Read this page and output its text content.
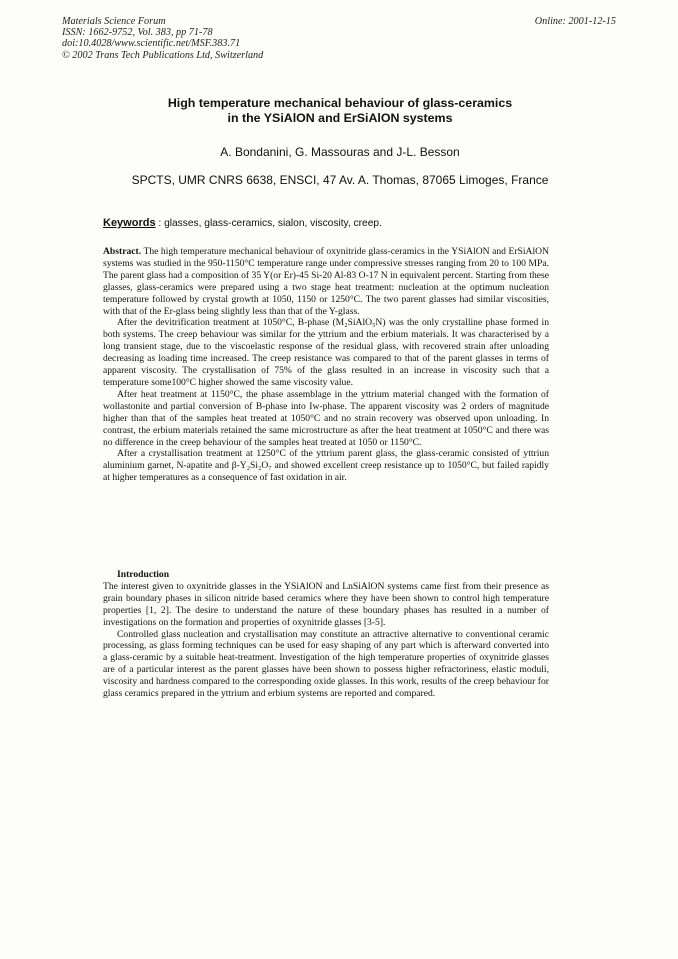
Materials Science Forum
ISSN: 1662-9752, Vol. 383, pp 71-78
doi:10.4028/www.scientific.net/MSF.383.71
© 2002 Trans Tech Publications Ltd, Switzerland
Online: 2001-12-15
High temperature mechanical behaviour of glass-ceramics
in the YSiAlON and ErSiAlON systems
A. Bondanini, G. Massouras and J-L. Besson
SPCTS, UMR CNRS 6638, ENSCI, 47 Av. A. Thomas, 87065 Limoges, France
Keywords : glasses, glass-ceramics, sialon, viscosity, creep.

Abstract. The high temperature mechanical behaviour of oxynitride glass-ceramics in the YSiAlON and ErSiAlON systems was studied in the 950-1150°C temperature range under compressive stresses ranging from 20 to 100 MPa. The parent glass had a composition of 35 Y(or Er)-45 Si-20 Al-83 O-17 N in equivalent percent. Starting from these glasses, glass-ceramics were prepared using a two stage heat treatment: nucleation at the optimum nucleation temperature followed by crystal growth at 1050, 1150 or 1250°C. The two parent glasses had similar viscosities, with that of the Er-glass being slightly less than that of the Y-glass.

After the devitrification treatment at 1050°C, B-phase (M₂SiAlO₅N) was the only crystalline phase formed in both systems. The creep behaviour was similar for the yttrium and the erbium materials. It was characterised by a long transient stage, due to the viscoelastic response of the residual glass, with recovered strain after unloading decreasing as loading time increased. The creep resistance was compared to that of the parent glasses in terms of apparent viscosity. The crystallisation of 75% of the glass resulted in an increase in viscosity such that a temperature some100°C higher showed the same viscosity value.

After heat treatment at 1150°C, the phase assemblage in the yttrium material changed with the formation of wollastonite and partial conversion of B-phase into Iw-phase. The apparent viscosity was 2 orders of magnitude higher than that of the samples heat treated at 1050°C and no strain recovery was observed upon unloading. In contrast, the erbium materials retained the same microstructure as after the heat treatment at 1050°C and there was no difference in the creep behaviour of the samples heat treated at 1050 or 1150°C.

After a crystallisation treatment at 1250°C of the yttrium parent glass, the glass-ceramic consisted of yttriun aluminium garnet, N-apatite and β-Y₂Si₂O₇ and showed excellent creep resistance up to 1050°C, but failed rapidly at higher temperatures as a consequence of fast oxidation in air.

Introduction

The interest given to oxynitride glasses in the YSiAlON and LnSiAlON systems came first from their presence as grain boundary phases in silicon nitride based ceramics where they have been shown to control high temperature properties [1, 2]. The desire to understand the nature of these boundary phases has resulted in a number of investigations on the formation and properties of oxynitride glasses [3-5].

Controlled glass nucleation and crystallisation may constitute an attractive alternative to conventional ceramic processing, as glass forming techniques can be used for easy shaping of any part which is afterward converted into a glass-ceramic by a suitable heat-treatment. Investigation of the high temperature properties of oxynitride glasses are of a particular interest as the parent glasses have been shown to possess higher refractoriness, elastic moduli, viscosity and hardness compared to the corresponding oxide glasses. In this work, results of the creep behaviour for glass ceramics prepared in the yttrium and erbium systems are reported and compared.
